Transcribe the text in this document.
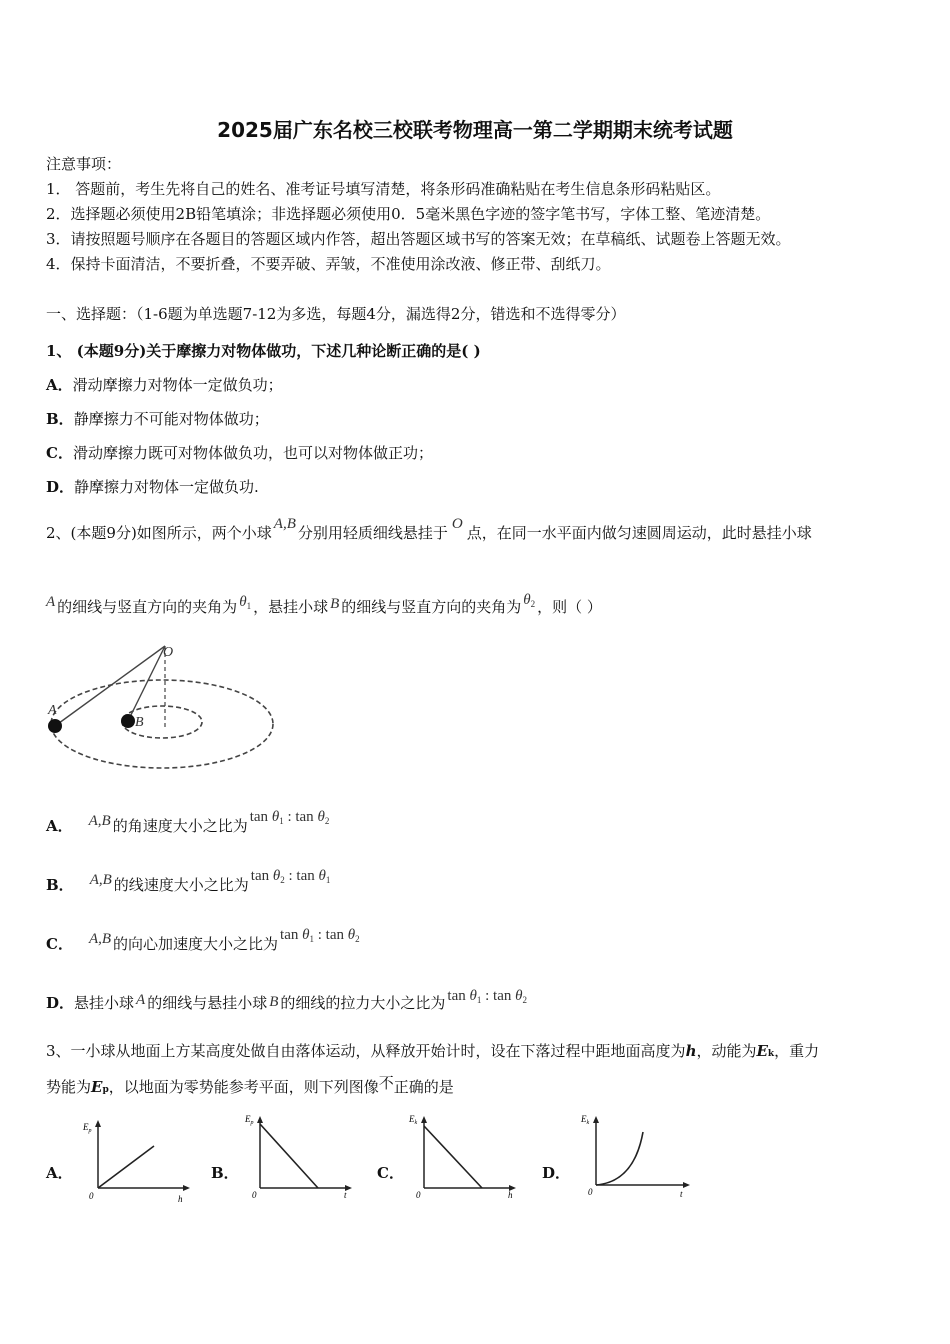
2025届广东名校三校联考物理高一第二学期期末统考试题
注意事项：
1． 答题前，考生先将自己的姓名、准考证号填写清楚，将条形码准确粘贴在考生信息条形码粘贴区。
2．选择题必须使用2B铅笔填涂；非选择题必须使用0．5毫米黑色字迹的签字笔书写，字体工整、笔迹清楚。
3．请按照题号顺序在各题目的答题区域内作答，超出答题区域书写的答案无效；在草稿纸、试题卷上答题无效。
4．保持卡面清洁，不要折叠，不要弄破、弄皱，不准使用涂改液、修正带、刮纸刀。
一、选择题：（1-6题为单选题7-12为多选，每题4分，漏选得2分，错选和不选得零分）
1、 (本题9分)关于摩擦力对物体做功，下述几种论断正确的是( )
A．滑动摩擦力对物体一定做负功；
B．静摩擦力不可能对物体做功；
C．滑动摩擦力既可对物体做负功，也可以对物体做正功；
D．静摩擦力对物体一定做负功.
2、(本题9分)如图所示，两个小球 A,B 分别用轻质细线悬挂于 O 点，在同一水平面内做匀速圆周运动，此时悬挂小球
A 的细线与竖直方向的夹角为 $\theta_1$ ，悬挂小球 B 的细线与竖直方向的夹角为 $\theta_2$ ，则（ ）
O
A
B
A． A,B 的角速度大小之比为 $\tan \theta_1$ : $\tan \theta_2$
B． A,B 的线速度大小之比为 $\tan \theta_2$ : $\tan \theta_1$
C． A,B 的向心加速度大小之比为 $\tan \theta_1$ : $\tan \theta_2$
D．悬挂小球 A 的细线与悬挂小球 B 的细线的拉力大小之比为 $\tan \theta_1$ : $\tan \theta_2$
3、一小球从地面上方某高度处做自由落体运动，从释放开始计时，设在下落过程中距地面高度为h，动能为Ek，重力
势能为Ep，以地面为零势能参考平面，则下列图像不正确的是
A．
$E_p$
0	h
B．
$E_p$
0	t
C．
$E_k$
0	h
D．
$E_k$
0	t
